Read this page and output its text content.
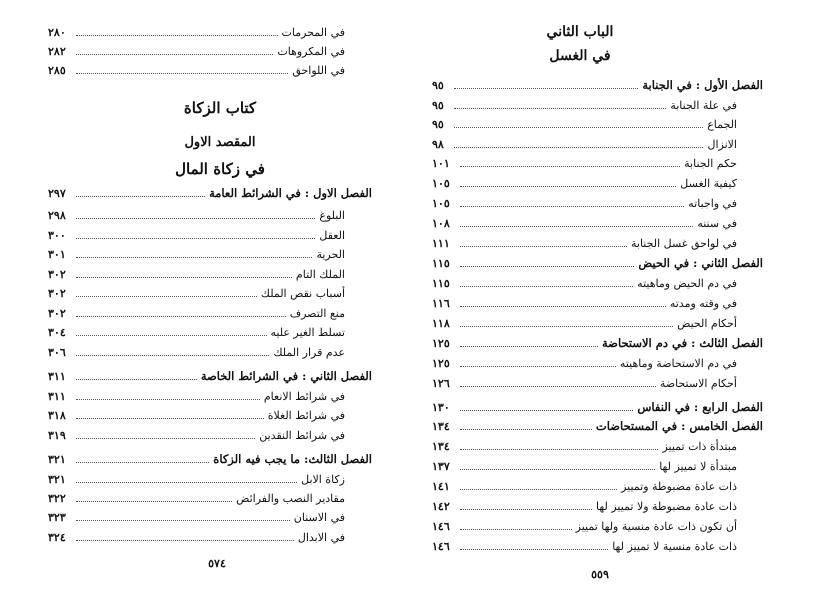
في المحرمات
٢٨٠
في المكروهات
٢٨٢
في اللواحق
٢٨٥
كتاب الزكاة
المقصد الاول
في زكاة المال
الفصل الاول : في الشرائط العامة
٢٩٧
البلوغ
٢٩٨
العقل
٣٠٠
الحرية
٣٠١
الملك التام
٣٠٢
أسباب نقص الملك
٣٠٢
منع التصرف
٣٠٢
تسلط الغير عليه
٣٠٤
عدم قرار الملك
٣٠٦
الفصل الثاني : في الشرائط الخاصة
٣١١
في شرائط الانعام
٣١١
في شرائط الغلاة
٣١٨
في شرائط النقدين
٣١٩
الفصل الثالث: ما يجب فيه الزكاة
٣٢١
زكاة الابل
٣٢١
مقادير النصب والفرائض
٣٢٢
في الاسنان
٣٢٣
في الابدال
٣٢٤
٥٧٤
الباب الثاني
في الغسل
الفصل الأول : في الجنابة
٩٥
في علة الجنابة
٩٥
الجماع
٩٥
الانزال
٩٨
حكم الجنابة
١٠١
كيفية الغسل
١٠٥
في واجباته
١٠٥
في سننه
١٠٨
في لواحق غسل الجنابة
١١١
الفصل الثاني : في الحيض
١١٥
في دم الحيض وماهيته
١١٥
في وقته ومدته
١١٦
أحكام الحيض
١١٨
الفصل الثالث : في دم الاستحاضة
١٢٥
في دم الاستحاضة وماهيته
١٢٥
أحكام الاستحاضة
١٢٦
الفصل الرابع : في النفاس
١٣٠
الفصل الخامس : في المستحاضات
١٣٤
مبتدأة ذات تمييز
١٣٤
مبتدأة لا تمييز لها
١٣٧
ذات عادة مضبوطة وتمييز
١٤١
ذات عادة مضبوطة ولا تمييز لها
١٤٢
أن تكون ذات عادة منسية ولها تمييز
١٤٦
ذات عادة منسية لا تمييز لها
١٤٦
٥٥٩
